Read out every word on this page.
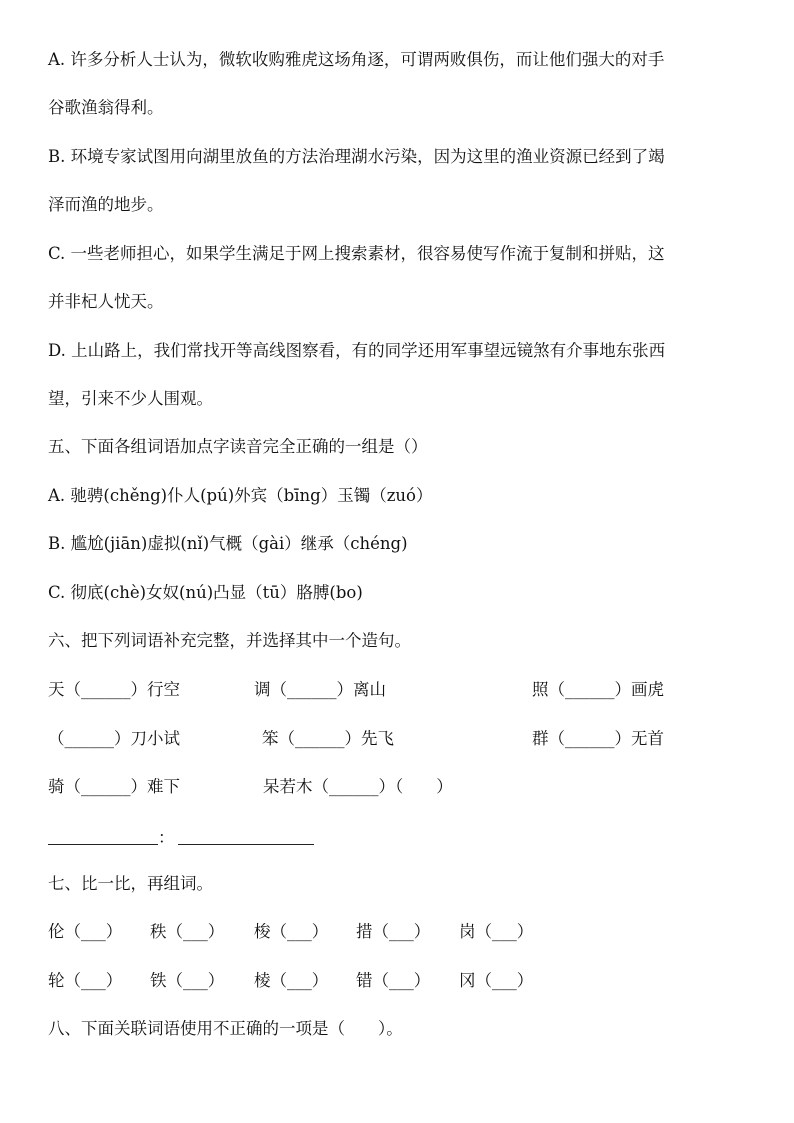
A. 许多分析人士认为，微软收购雅虎这场角逐，可谓两败俱伤，而让他们强大的对手
谷歌渔翁得利。
B. 环境专家试图用向湖里放鱼的方法治理湖水污染，因为这里的渔业资源已经到了竭
泽而渔的地步。
C. 一些老师担心，如果学生满足于网上搜索素材，很容易使写作流于复制和拼贴，这
并非杞人忧天。
D. 上山路上，我们常找开等高线图察看，有的同学还用军事望远镜煞有介事地东张西
望，引来不少人围观。
五、下面各组词语加点字读音完全正确的一组是（）
A. 驰骋(chěng)仆人(pú)外宾（bīng）玉镯（zuó）
B. 尴尬(jiān)虚拟(nǐ)气概（gài）继承（chéng)
C. 彻底(chè)女奴(nú)凸显（tū）胳膊(bo)
六、把下列词语补充完整，并选择其中一个造句。
天（______）行空	调（______）离山	照（______）画虎
（______）刀小试	笨（______）先飞	群（______）无首
骑（______）难下	呆若木（______）（　　）
：
七、比一比，再组词。
伦（___） 秩（___） 梭（___） 措（___） 岗（___）
轮（___） 铁（___） 棱（___） 错（___） 冈（___）
八、下面关联词语使用不正确的一项是（　　）。
